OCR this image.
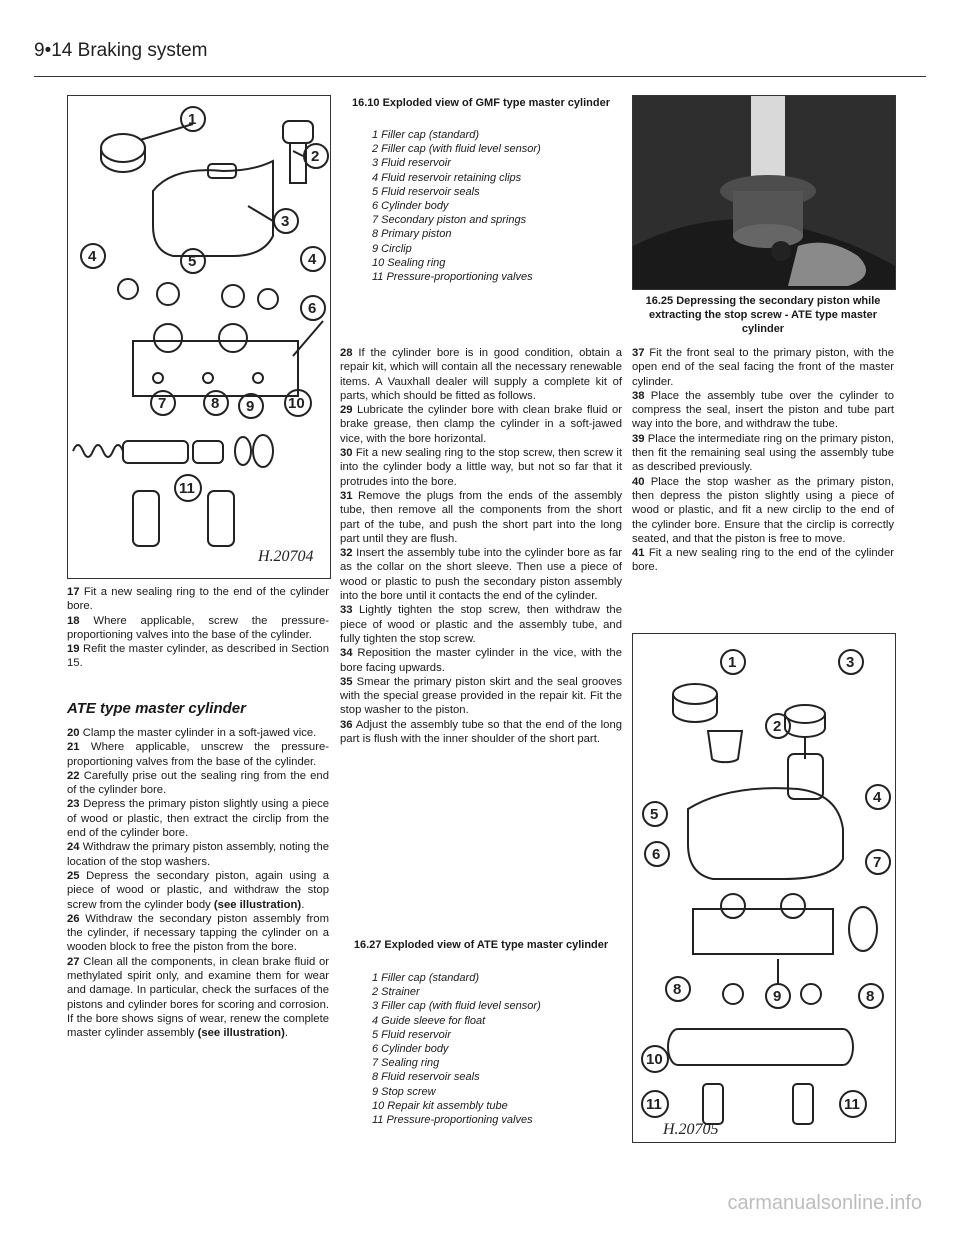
9•14 Braking system
1
2
3
4	5	4
6
7	8 9 10
11
H.20704
16.10 Exploded view of GMF type master cylinder
1 Filler cap (standard)
2 Filler cap (with fluid level sensor)
3 Fluid reservoir
4 Fluid reservoir retaining clips
5 Fluid reservoir seals
6 Cylinder body
7 Secondary piston and springs
8 Primary piston
9 Circlip
10 Sealing ring
11 Pressure-proportioning valves
16.25 Depressing the secondary piston while extracting the stop screw - ATE type master cylinder

17 Fit a new sealing ring to the end of the cylinder bore.

18 Where applicable, screw the pressure-proportioning valves into the base of the cylinder.

19 Refit the master cylinder, as described in Section 15.

ATE type master cylinder

20 Clamp the master cylinder in a soft-jawed vice.

21 Where applicable, unscrew the pressure-proportioning valves from the base of the cylinder.

22 Carefully prise out the sealing ring from the end of the cylinder bore.

23 Depress the primary piston slightly using a piece of wood or plastic, then extract the circlip from the end of the cylinder bore.

24 Withdraw the primary piston assembly, noting the location of the stop washers.

25 Depress the secondary piston, again using a piece of wood or plastic, and withdraw the stop screw from the cylinder body (see illustration).

26 Withdraw the secondary piston assembly from the cylinder, if necessary tapping the cylinder on a wooden block to free the piston from the bore.

27 Clean all the components, in clean brake fluid or methylated spirit only, and examine them for wear and damage. In particular, check the surfaces of the pistons and cylinder bores for scoring and corrosion. If the bore shows signs of wear, renew the complete master cylinder assembly (see illustration).

28 If the cylinder bore is in good condition, obtain a repair kit, which will contain all the necessary renewable items. A Vauxhall dealer will supply a complete kit of parts, which should be fitted as follows.

29 Lubricate the cylinder bore with clean brake fluid or brake grease, then clamp the cylinder in a soft-jawed vice, with the bore horizontal.

30 Fit a new sealing ring to the stop screw, then screw it into the cylinder body a little way, but not so far that it protrudes into the bore.

31 Remove the plugs from the ends of the assembly tube, then remove all the components from the short part of the tube, and push the short part into the long part until they are flush.

32 Insert the assembly tube into the cylinder bore as far as the collar on the short sleeve. Then use a piece of wood or plastic to push the secondary piston assembly into the bore until it contacts the end of the cylinder.

33 Lightly tighten the stop screw, then withdraw the piece of wood or plastic and the assembly tube, and fully tighten the stop screw.

34 Reposition the master cylinder in the vice, with the bore facing upwards.

35 Smear the primary piston skirt and the seal grooves with the special grease provided in the repair kit. Fit the stop washer to the piston.

36 Adjust the assembly tube so that the end of the long part is flush with the inner shoulder of the short part.

16.27 Exploded view of ATE type master cylinder
1 Filler cap (standard)
2 Strainer
3 Filler cap (with fluid level sensor)
4 Guide sleeve for float
5 Fluid reservoir
6 Cylinder body
7 Sealing ring
8 Fluid reservoir seals
9 Stop screw
10 Repair kit assembly tube
11 Pressure-proportioning valves

37 Fit the front seal to the primary piston, with the open end of the seal facing the front of the master cylinder.

38 Place the assembly tube over the cylinder to compress the seal, insert the piston and tube part way into the bore, and withdraw the tube.

39 Place the intermediate ring on the primary piston, then fit the remaining seal using the assembly tube as described previously.

40 Place the stop washer as the primary piston, then depress the piston slightly using a piece of wood or plastic, and fit a new circlip to the end of the cylinder bore. Ensure that the circlip is correctly seated, and that the piston is free to move.

41 Fit a new sealing ring to the end of the cylinder bore.

1	3
2
5
4
6	7
8	9	8
10
11	11
H.20705
carmanualsonline.info
